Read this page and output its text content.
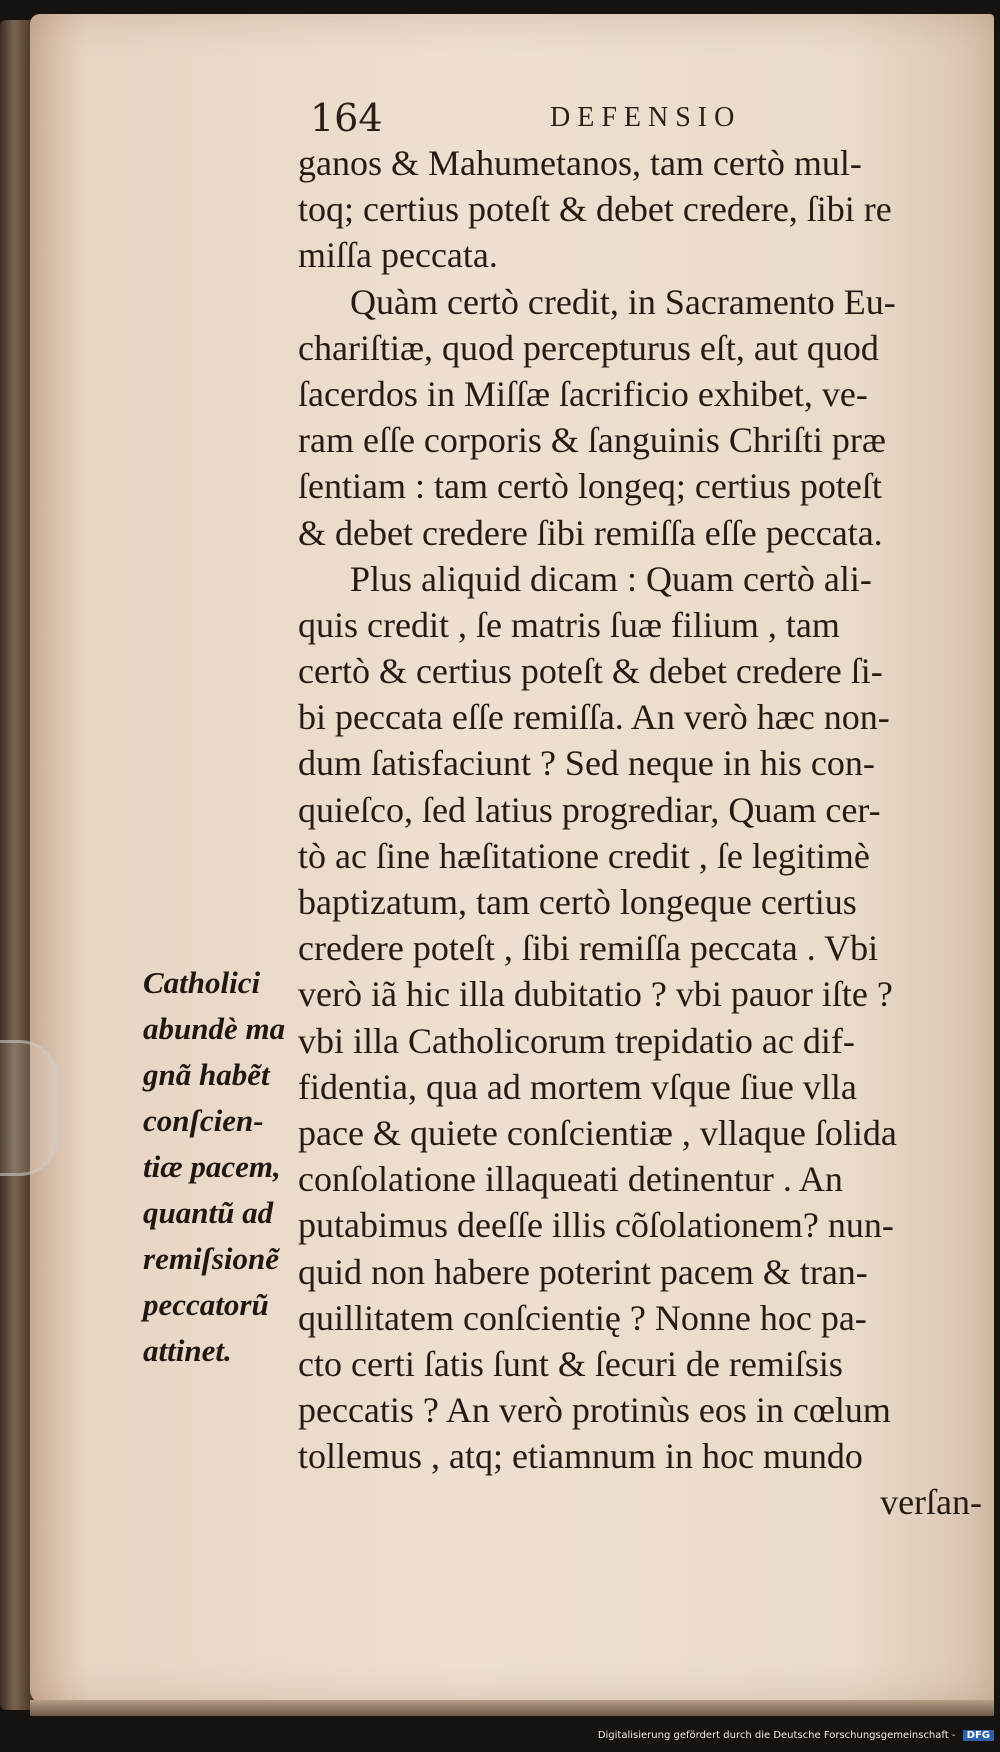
164	DEFENSIO
ganos & Mahumetanos, tam certò mul-
toq; certius poteſt & debet credere, ſibi re
miſſa peccata.
Quàm certò credit, in Sacramento Eu-
chariſtiæ, quod percepturus eſt, aut quod
ſacerdos in Miſſæ ſacrificio exhibet, ve-
ram eſſe corporis & ſanguinis Chriſti præ
ſentiam : tam certò longeq; certius poteſt
& debet credere ſibi remiſſa eſſe peccata.
Plus aliquid dicam : Quam certò ali-
quis credit , ſe matris ſuæ filium , tam
certò & certius poteſt & debet credere ſi-
bi peccata eſſe remiſſa. An verò hæc non-
dum ſatisfaciunt ? Sed neque in his con-
quieſco, ſed latius progrediar, Quam cer-
tò ac ſine hæſitatione credit , ſe legitimè
baptizatum, tam certò longeque certius
credere poteſt , ſibi remiſſa peccata . Vbi
verò iã hic illa dubitatio ? vbi pauor iſte ?
vbi illa Catholicorum trepidatio ac dif-
fidentia, qua ad mortem vſque ſiue vlla
pace & quiete conſcientiæ , vllaque ſolida
conſolatione illaqueati detinentur . An
putabimus deeſſe illis cõſolationem? nun-
quid non habere poterint pacem & tran-
quillitatem conſcientię ? Nonne hoc pa-
cto certi ſatis ſunt & ſecuri de remiſsis
peccatis ? An verò protinùs eos in cœlum
tollemus , atq; etiamnum in hoc mundo
verſan-
Catholici
abundè ma
gnã habẽt
conſcien-
tiæ pacem,
quantũ ad
remiſsionẽ
peccatorũ
attinet.
Digitalisierung gefördert durch die Deutsche Forschungsgemeinschaft - DFG
